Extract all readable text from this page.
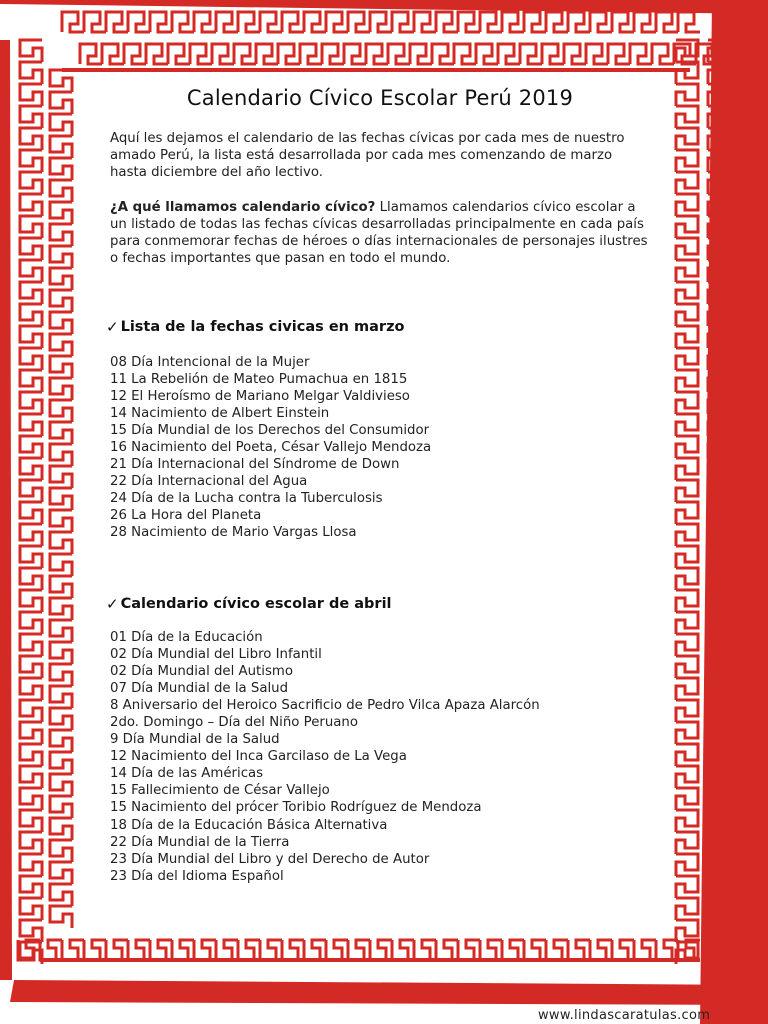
Calendario Cívico Escolar Perú 2019

Aquí les dejamos el calendario de las fechas cívicas por cada mes de nuestro amado Perú, la lista está desarrollada por cada mes comenzando de marzo hasta diciembre del año lectivo.

¿A qué llamamos calendario cívico? Llamamos calendarios cívico escolar a un listado de todas las fechas cívicas desarrolladas principalmente en cada país para conmemorar fechas de héroes o días internacionales de personajes ilustres o fechas importantes que pasan en todo el mundo.

✓ Lista de la fechas civicas en marzo
08 Día Intencional de la Mujer
11 La Rebelión de Mateo Pumachua en 1815
12 El Heroísmo de Mariano Melgar Valdivieso
14 Nacimiento de Albert Einstein
15 Día Mundial de los Derechos del Consumidor
16 Nacimiento del Poeta, César Vallejo Mendoza
21 Día Internacional del Síndrome de Down
22 Día Internacional del Agua
24 Día de la Lucha contra la Tuberculosis
26 La Hora del Planeta
28 Nacimiento de Mario Vargas Llosa
✓ Calendario cívico escolar de abril
01 Día de la Educación
02 Día Mundial del Libro Infantil
02 Día Mundial del Autismo
07 Día Mundial de la Salud
8 Aniversario del Heroico Sacrificio de Pedro Vilca Apaza Alarcón
2do. Domingo – Día del Niño Peruano
9 Día Mundial de la Salud
12 Nacimiento del Inca Garcilaso de La Vega
14 Día de las Américas
15 Fallecimiento de César Vallejo
15 Nacimiento del prócer Toribio Rodríguez de Mendoza
18 Día de la Educación Básica Alternativa
22 Día Mundial de la Tierra
23 Día Mundial del Libro y del Derecho de Autor
23 Día del Idioma Español
www.lindascaratulas.com
